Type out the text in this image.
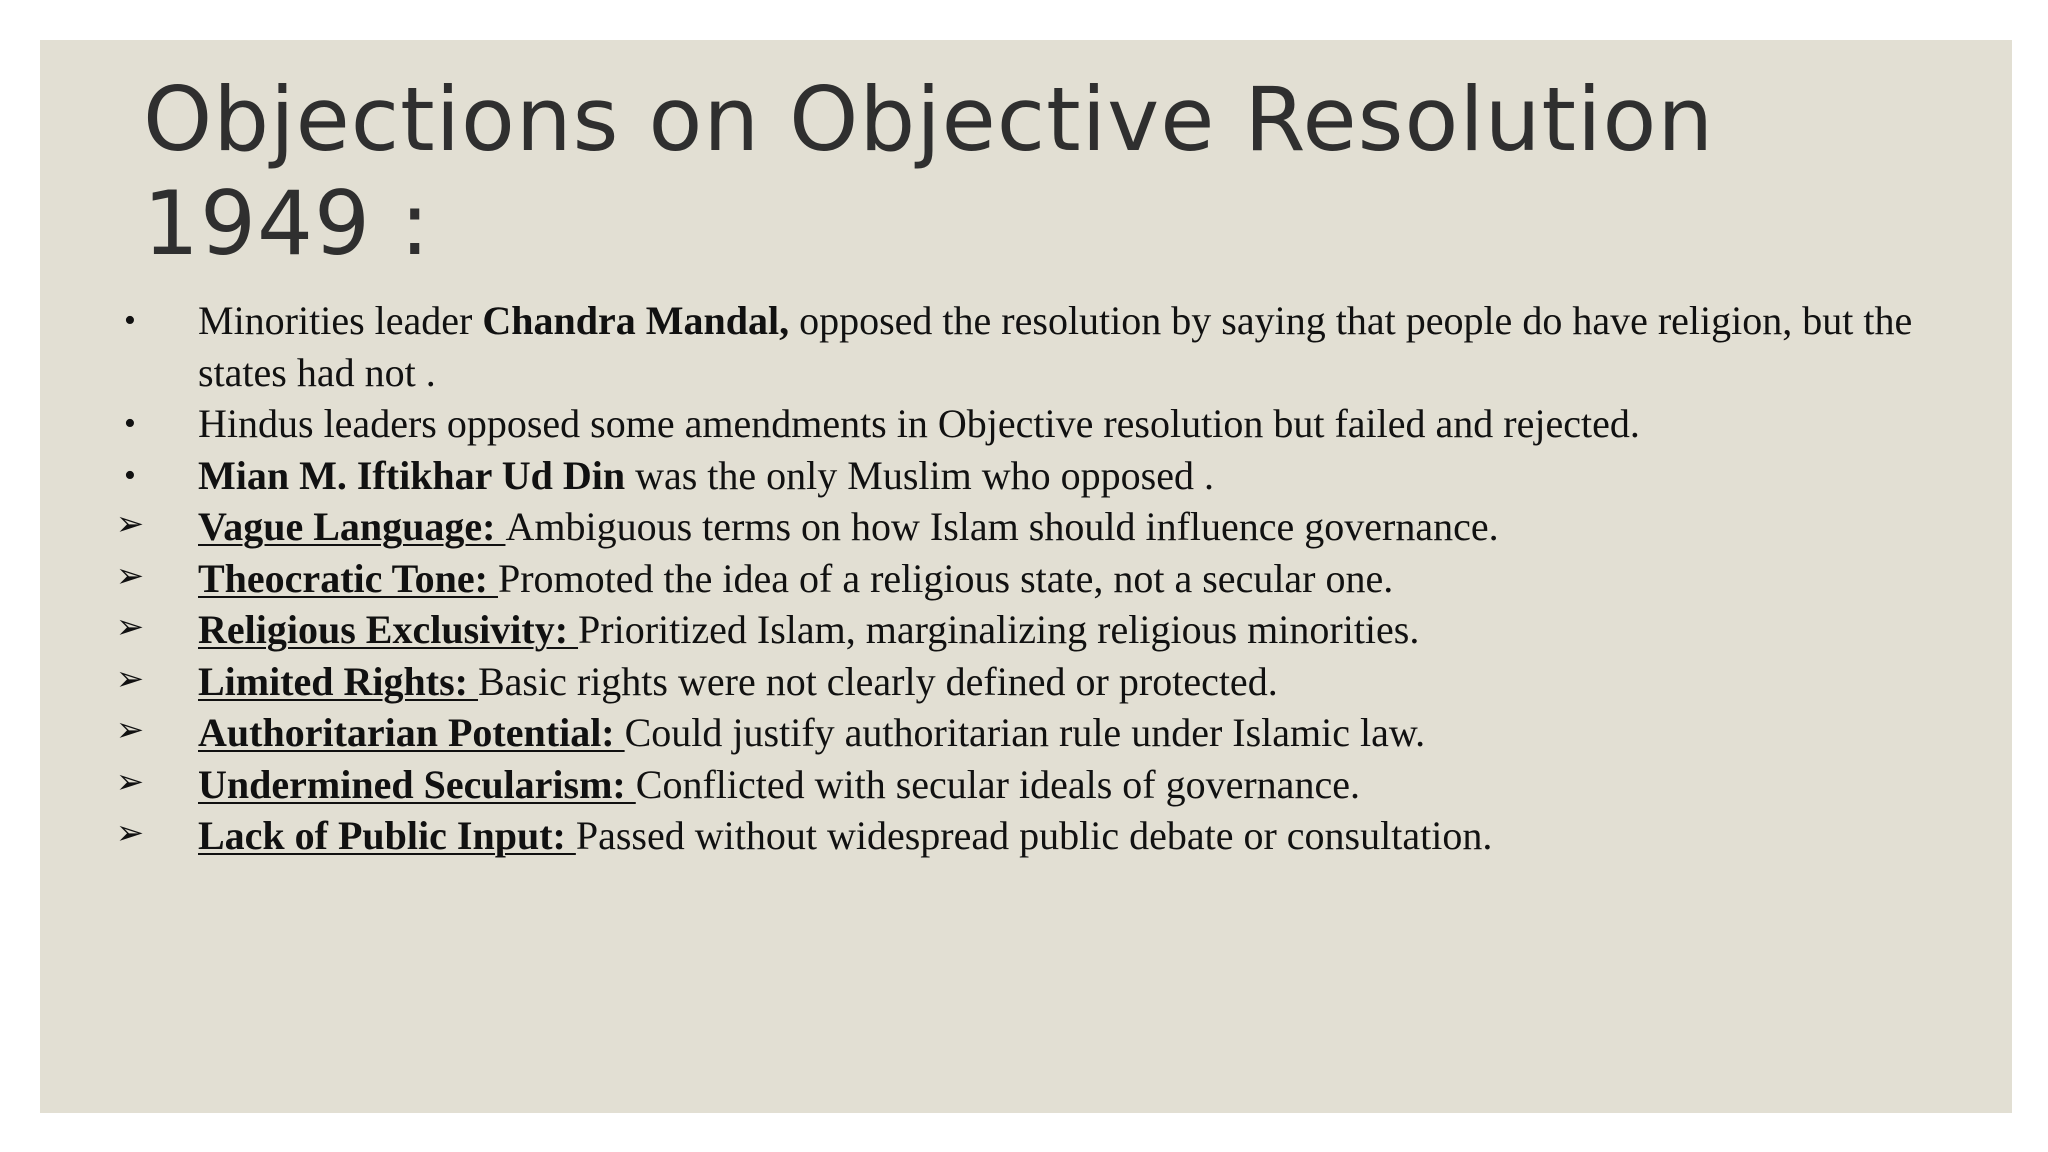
Objections on Objective Resolution
1949 :
•	Minorities leader Chandra Mandal, opposed the resolution by saying that people do have religion, but the states had not .
•	Hindus leaders opposed some amendments in Objective resolution but failed and rejected.
•	Mian M. Iftikhar Ud Din was the only Muslim who opposed .
➢ Vague Language: Ambiguous terms on how Islam should influence governance.
➢ Theocratic Tone: Promoted the idea of a religious state, not a secular one.
➢ Religious Exclusivity: Prioritized Islam, marginalizing religious minorities.
➢ Limited Rights: Basic rights were not clearly defined or protected.
➢ Authoritarian Potential: Could justify authoritarian rule under Islamic law.
➢ Undermined Secularism: Conflicted with secular ideals of governance.
➢ Lack of Public Input: Passed without widespread public debate or consultation.
